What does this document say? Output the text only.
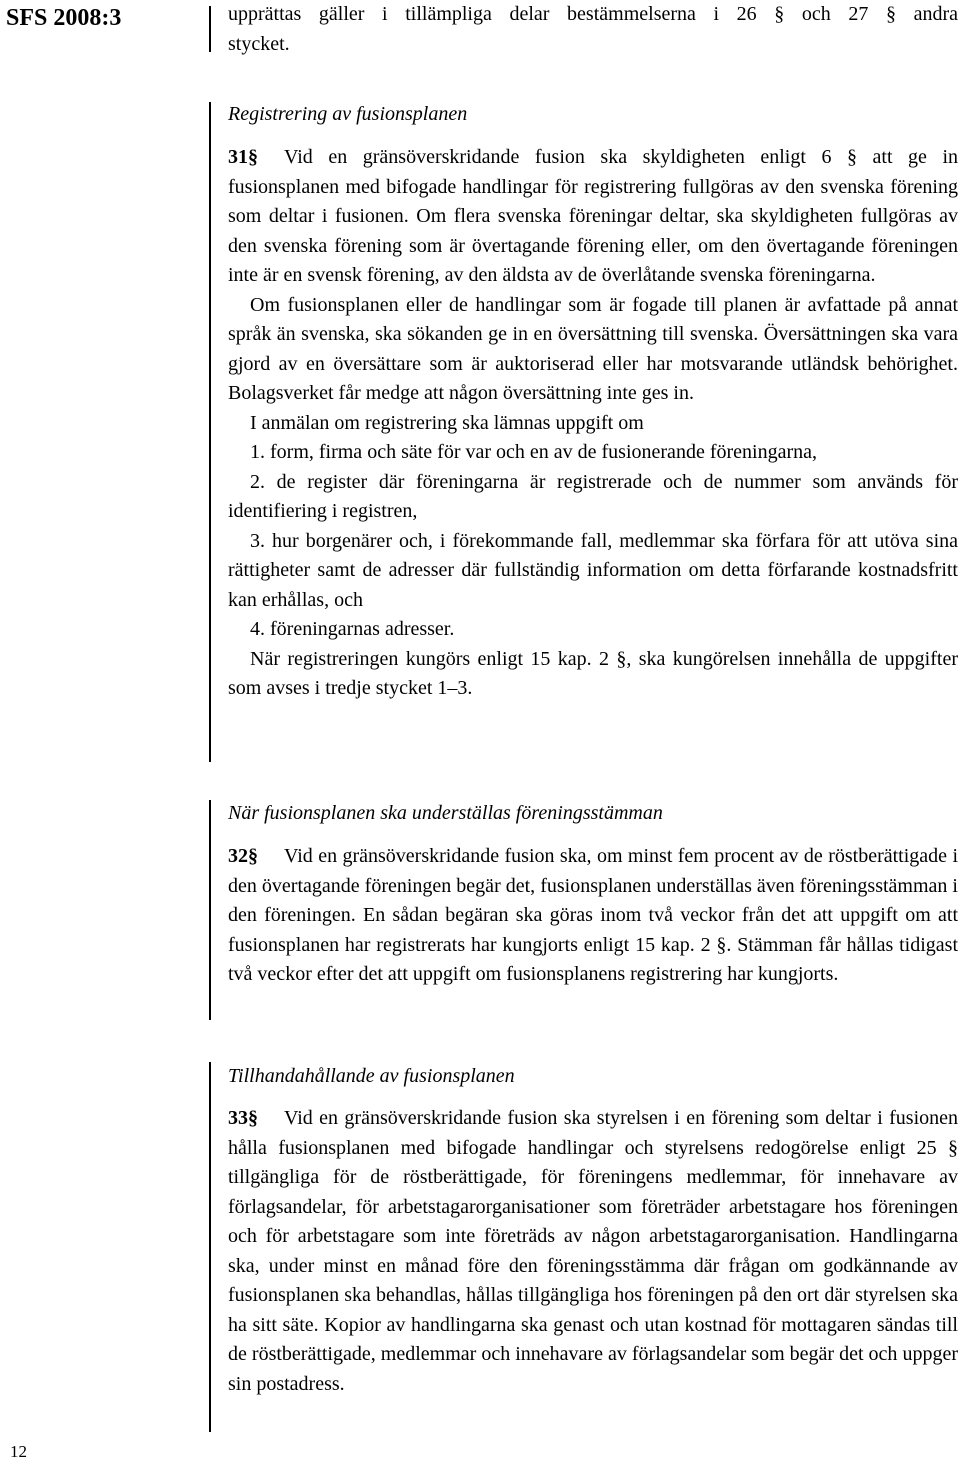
SFS 2008:3
12

upprättas gäller i tillämpliga delar bestämmelserna i 26 § och 27 § andra

stycket.

Registrering av fusionsplanen

31§ Vid en gränsöverskridande fusion ska skyldigheten enligt 6 § att ge in fusionsplanen med bifogade handlingar för registrering fullgöras av den svenska förening som deltar i fusionen. Om flera svenska föreningar deltar, ska skyldigheten fullgöras av den svenska förening som är övertagande förening eller, om den övertagande föreningen inte är en svensk förening, av den äldsta av de överlåtande svenska föreningarna.

Om fusionsplanen eller de handlingar som är fogade till planen är avfattade på annat språk än svenska, ska sökanden ge in en översättning till svenska. Översättningen ska vara gjord av en översättare som är auktoriserad eller har motsvarande utländsk behörighet. Bolagsverket får medge att någon översättning inte ges in.

I anmälan om registrering ska lämnas uppgift om

1. form, firma och säte för var och en av de fusionerande föreningarna,

2. de register där föreningarna är registrerade och de nummer som används för identifiering i registren,

3. hur borgenärer och, i förekommande fall, medlemmar ska förfara för att utöva sina rättigheter samt de adresser där fullständig information om detta förfarande kostnadsfritt kan erhållas, och

4. föreningarnas adresser.

När registreringen kungörs enligt 15 kap. 2 §, ska kungörelsen innehålla de uppgifter som avses i tredje stycket 1–3.

När fusionsplanen ska underställas föreningsstämman

32§ Vid en gränsöverskridande fusion ska, om minst fem procent av de röstberättigade i den övertagande föreningen begär det, fusionsplanen underställas även föreningsstämman i den föreningen. En sådan begäran ska göras inom två veckor från det att uppgift om att fusionsplanen har registrerats har kungjorts enligt 15 kap. 2 §. Stämman får hållas tidigast två veckor efter det att uppgift om fusionsplanens registrering har kungjorts.

Tillhandahållande av fusionsplanen

33§ Vid en gränsöverskridande fusion ska styrelsen i en förening som deltar i fusionen hålla fusionsplanen med bifogade handlingar och styrelsens redogörelse enligt 25 § tillgängliga för de röstberättigade, för föreningens medlemmar, för innehavare av förlagsandelar, för arbetstagarorganisationer som företräder arbetstagare hos föreningen och för arbetstagare som inte företräds av någon arbetstagarorganisation. Handlingarna ska, under minst en månad före den föreningsstämma där frågan om godkännande av fusionsplanen ska behandlas, hållas tillgängliga hos föreningen på den ort där styrelsen ska ha sitt säte. Kopior av handlingarna ska genast och utan kostnad för mottagaren sändas till de röstberättigade, medlemmar och innehavare av förlagsandelar som begär det och uppger sin postadress.
